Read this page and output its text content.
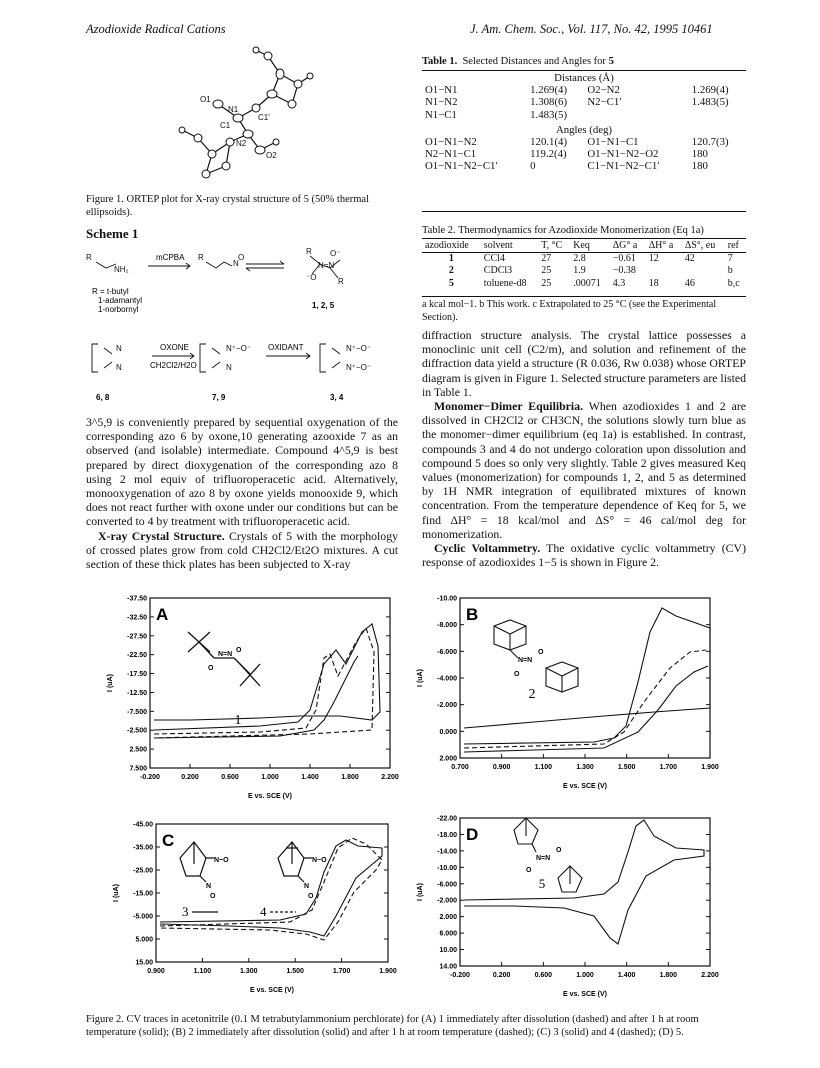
Azodioxide Radical Cations	J. Am. Chem. Soc., Vol. 117, No. 42, 1995 10461
O1
N1
C1
C1'
N2
O2
Figure 1. ORTEP plot for X-ray crystal structure of 5 (50% thermal ellipsoids).
Scheme 1
R
NH₂
R
N
O
R O⁻
N=N
⁻O	R
N
N
N⁺−O⁻
N
N⁺−O⁻
N⁺−O⁻
mCPBA
OXONE
CH2Cl2/H2O
OXIDANT
R = t-butyl
1-adamantyl
1-norbornyl	1, 2, 5
6, 8	7, 9	3, 4

3^5,9 is conveniently prepared by sequential oxygenation of the corresponding azo 6 by oxone,10 generating azooxide 7 as an observed (and isolable) intermediate. Compound 4^5,9 is best prepared by direct dioxygenation of the corresponding azo 8 using 2 mol equiv of trifluoroperacetic acid. Alternatively, monooxygenation of azo 8 by oxone yields monooxide 9, which does not react further with oxone under our conditions but can be converted to 4 by treatment with trifluoroperacetic acid.

X-ray Crystal Structure. Crystals of 5 with the morphology of crossed plates grow from cold CH2Cl2/Et2O mixtures. A cut section of these thick plates has been subjected to X-ray

Table 1.  Selected Distances and Angles for 5
Distances (Å)			
O1−N1	1.269(4)	O2−N2	1.269(4)
N1−N2	1.308(6)	N2−C1′	1.483(5)
N1−C1	1.483(5)		
Angles (deg)			
O1−N1−N2	120.1(4)	O1−N1−C1	120.7(3)
N2−N1−C1	119.2(4)	O1−N1−N2−O2	180
O1−N1−N2−C1′	0	C1−N1−N2−C1′	180
Table 2. Thermodynamics for Azodioxide Monomerization (Eq 1a)
azodioxide	solvent	T, °C	Keq	ΔG° a	ΔH° a	ΔS°, eu	ref
1	CCl4	27	2.8	−0.61	12	42	7
2	CDCl3	25	1.9	−0.38			b
5	toluene-d8	25	.00071	4.3	18	46	b,c
a kcal mol−1. b This work. c Extrapolated to 25 °C (see the Experimental Section).

diffraction structure analysis. The crystal lattice possesses a monoclinic unit cell (C2/m), and solution and refinement of the diffraction data yield a structure (R 0.036, Rw 0.038) whose ORTEP diagram is given in Figure 1. Selected structure parameters are listed in Table 1.

Monomer−Dimer Equilibria. When azodioxides 1 and 2 are dissolved in CH2Cl2 or CH3CN, the solutions slowly turn blue as the monomer−dimer equilibrium (eq 1a) is established. In contrast, compounds 3 and 4 do not undergo coloration upon dissolution and compound 5 does so only very slightly. Table 2 gives measured Keq values (monomerization) for compounds 1, 2, and 5 as determined by 1H NMR integration of equilibrated mixtures of known concentration. From the temperature dependence of Keq for 5, we find ΔH° = 18 kcal/mol and ΔS° = 46 cal/mol deg for monomerization.

Cyclic Voltammetry. The oxidative cyclic voltammetry (CV) response of azodioxides 1−5 is shown in Figure 2.

-37.50
-32.50
-27.50
-22.50
-17.50
-12.50
-7.500
-2.500
2.500
7.500
-0.200	0.200	0.600	1.000	1.400	1.800	2.200
E vs. SCE (V)
I (uA)
A
N=N
O
O
1
-10.00
-8.000
-6.000
-4.000
-2.000
0.000
2.000
0.700	0.900	1.100	1.300	1.500	1.700	1.900
E vs. SCE (V)
I (uA)
B
N=N
O
O
2
-45.00
-35.00
-25.00
-15.00
-5.000
5.000
15.00
0.900	1.100	1.300	1.500	1.700	1.900
E vs. SCE (V)
I (uA)
C
N−O
N
O
N−O
N
O
3	4
-22.00
-18.00
-14.00
-10.00
-6.000
-2.000
2.000
6.000
10.00
14.00
-0.200	0.200	0.600	1.000	1.400	1.800	2.200
E vs. SCE (V)
I (uA)
D
N=N
O
O
5
Figure 2. CV traces in acetonitrile (0.1 M tetrabutylammonium perchlorate) for (A) 1 immediately after dissolution (dashed) and after 1 h at room temperature (solid); (B) 2 immediately after dissolution (solid) and after 1 h at room temperature (dashed); (C) 3 (solid) and 4 (dashed); (D) 5.
